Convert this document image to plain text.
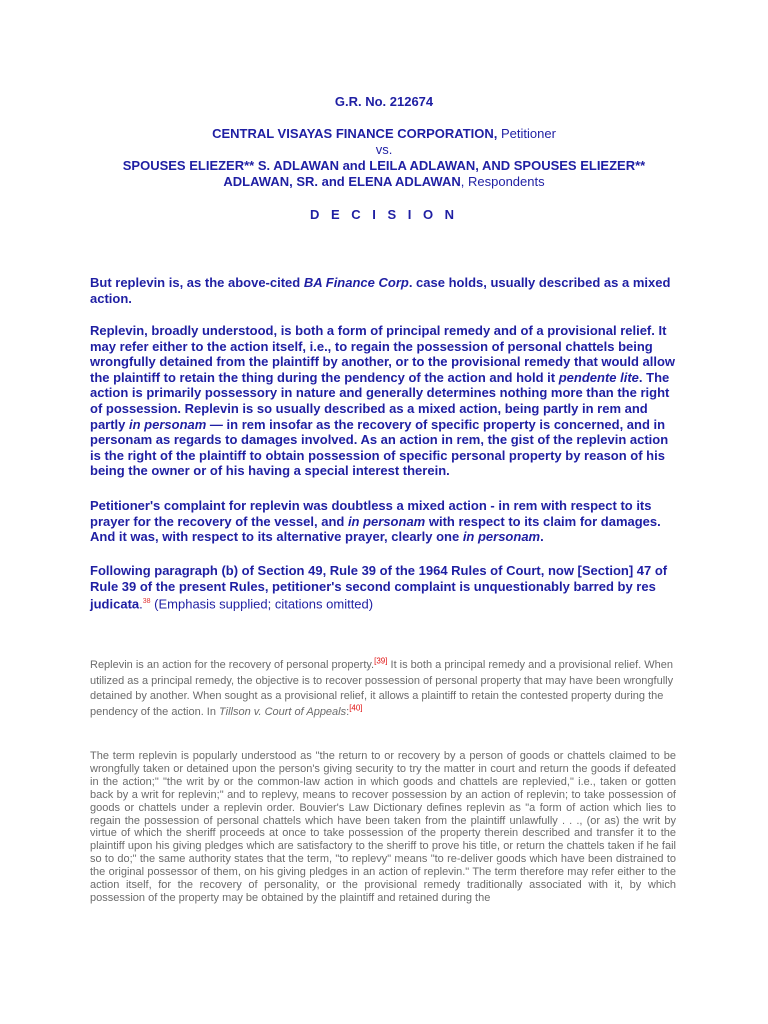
G.R. No. 212674
CENTRAL VISAYAS FINANCE CORPORATION, Petitioner
vs.
SPOUSES ELIEZER** S. ADLAWAN and LEILA ADLAWAN, AND SPOUSES ELIEZER**
ADLAWAN, SR. and ELENA ADLAWAN, Respondents
D E C I S I O N

But replevin is, as the above-cited BA Finance Corp. case holds, usually described as a mixed action.

Replevin, broadly understood, is both a form of principal remedy and of a provisional relief. It may refer either to the action itself, i.e., to regain the possession of personal chattels being wrongfully detained from the plaintiff by another, or to the provisional remedy that would allow the plaintiff to retain the thing during the pendency of the action and hold it pendente lite. The action is primarily possessory in nature and generally determines nothing more than the right of possession. Replevin is so usually described as a mixed action, being partly in rem and partly in personam — in rem insofar as the recovery of specific property is concerned, and in personam as regards to damages involved. As an action in rem, the gist of the replevin action is the right of the plaintiff to obtain possession of specific personal property by reason of his being the owner or of his having a special interest therein.

Petitioner's complaint for replevin was doubtless a mixed action - in rem with respect to its prayer for the recovery of the vessel, and in personam with respect to its claim for damages. And it was, with respect to its alternative prayer, clearly one in personam.

Following paragraph (b) of Section 49, Rule 39 of the 1964 Rules of Court, now [Section] 47 of Rule 39 of the present Rules, petitioner's second complaint is unquestionably barred by res judicata.$^{38}$ (Emphasis supplied; citations omitted)

Replevin is an action for the recovery of personal property.[39] It is both a principal remedy and a provisional relief. When utilized as a principal remedy, the objective is to recover possession of personal property that may have been wrongfully detained by another. When sought as a provisional relief, it allows a plaintiff to retain the contested property during the pendency of the action. In Tillson v. Court of Appeals:[40]
The term replevin is popularly understood as "the return to or recovery by a person of goods or chattels claimed to be wrongfully taken or detained upon the person's giving security to try the matter in court and return the goods if defeated in the action;" "the writ by or the common-law action in which goods and chattels are replevied," i.e., taken or gotten back by a writ for replevin;" and to replevy, means to recover possession by an action of replevin; to take possession of goods or chattels under a replevin order. Bouvier's Law Dictionary defines replevin as "a form of action which lies to regain the possession of personal chattels which have been taken from the plaintiff unlawfully . . ., (or as) the writ by virtue of which the sheriff proceeds at once to take possession of the property therein described and transfer it to the plaintiff upon his giving pledges which are satisfactory to the sheriff to prove his title, or return the chattels taken if he fail so to do;" the same authority states that the term, "to replevy" means "to re-deliver goods which have been distrained to the original possessor of them, on his giving pledges in an action of replevin." The term therefore may refer either to the action itself, for the recovery of personality, or the provisional remedy traditionally associated with it, by which possession of the property may be obtained by the plaintiff and retained during the
